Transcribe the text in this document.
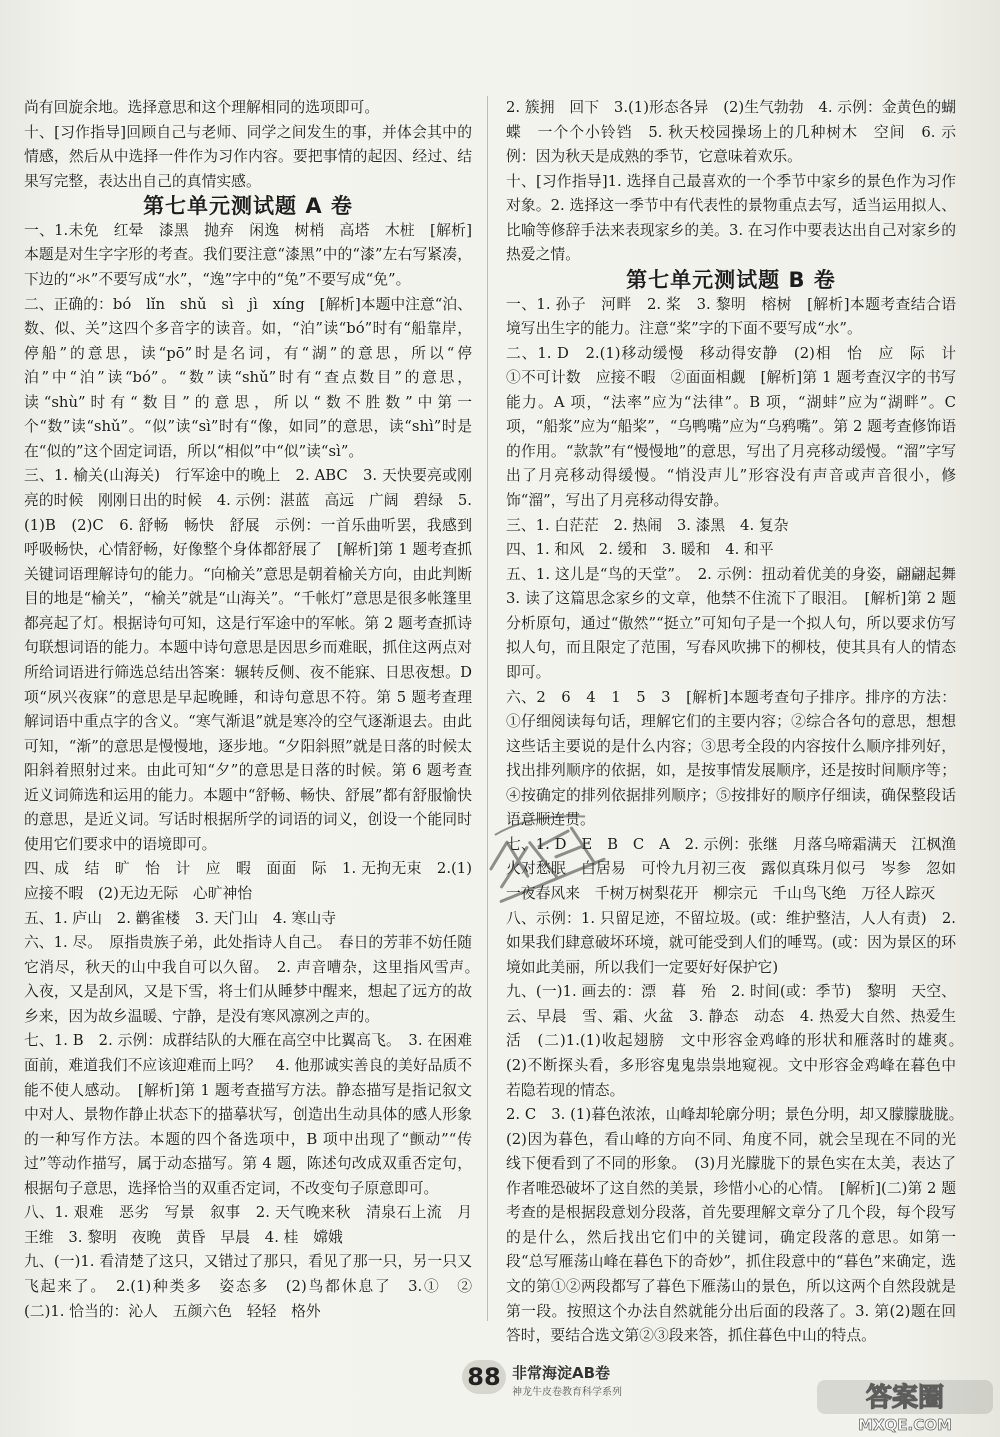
尚有回旋余地。选择意思和这个理解相同的选项即可。

十、[习作指导]回顾自己与老师、同学之间发生的事，并体会其中的情感，然后从中选择一件作为习作内容。要把事情的起因、经过、结果写完整，表达出自己的真情实感。

第七单元测试题 A 卷

一、1.未免　红晕　漆黑　抛弃　闲逸　树梢　高塔　木桩　[解析]本题是对生字字形的考查。我们要注意“漆黑”中的“漆”左右写紧凑，下边的“氺”不要写成“水”，“逸”字中的“兔”不要写成“免”。

二、正确的：bó　lǐn　shǔ　sì　jì　xíng　[解析]本题中注意“泊、数、似、关”这四个多音字的读音。如，“泊”读“bó”时有“船靠岸，停船”的意思，读“pō”时是名词，有“湖”的意思，所以“停泊”中“泊”读“bó”。“数”读“shǔ”时有“查点数目”的意思，读“shù”时有“数目”的意思，所以“数不胜数”中第一个“数”读“shǔ”。“似”读“sì”时有“像，如同”的意思，读“shì”时是在“似的”这个固定词语，所以“相似”中“似”读“sì”。

三、1. 榆关(山海关)　行军途中的晚上　2. ABC　3. 天快要亮或刚亮的时候　刚刚日出的时候　4. 示例：湛蓝　高远　广阔　碧绿　5.(1)B　(2)C　6. 舒畅　畅快　舒展　示例：一首乐曲听罢，我感到呼吸畅快，心情舒畅，好像整个身体都舒展了　[解析]第 1 题考查抓关键词语理解诗句的能力。“向榆关”意思是朝着榆关方向，由此判断目的地是“榆关”，“榆关”就是“山海关”。“千帐灯”意思是很多帐篷里都亮起了灯。根据诗句可知，这是行军途中的军帐。第 2 题考查抓诗句联想词语的能力。本题中诗句意思是因思乡而难眠，抓住这两点对所给词语进行筛选总结出答案：辗转反侧、夜不能寐、日思夜想。D 项“夙兴夜寐”的意思是早起晚睡，和诗句意思不符。第 5 题考查理解词语中重点字的含义。“寒气渐退”就是寒冷的空气逐渐退去。由此可知，“渐”的意思是慢慢地，逐步地。“夕阳斜照”就是日落的时候太阳斜着照射过来。由此可知“夕”的意思是日落的时候。第 6 题考查近义词筛选和运用的能力。本题中“舒畅、畅快、舒展”都有舒服愉快的意思，是近义词。写话时根据所学的词语的词义，创设一个能同时使用它们要求中的语境即可。

四、成　结　旷　怡　计　应　暇　面面　际　1. 无拘无束　2.(1)应接不暇　(2)无边无际　心旷神怡

五、1. 庐山　2. 鹳雀楼　3. 天门山　4. 寒山寺

六、1. 尽。　原指贵族子弟，此处指诗人自己。　春日的芳菲不妨任随它消尽，秋天的山中我自可以久留。　2. 声音嘈杂，这里指风雪声。　入夜，又是刮风，又是下雪，将士们从睡梦中醒来，想起了远方的故乡来，因为故乡温暖、宁静，是没有寒风凛冽之声的。

七、1. B　2. 示例：成群结队的大雁在高空中比翼高飞。　3. 在困难面前，难道我们不应该迎难而上吗？　4. 他那诚实善良的美好品质不能不使人感动。　[解析]第 1 题考查描写方法。静态描写是指记叙文中对人、景物作静止状态下的描摹状写，创造出生动具体的感人形象的一种写作方法。本题的四个备选项中，B 项中出现了“颤动”“传过”等动作描写，属于动态描写。第 4 题，陈述句改成双重否定句，根据句子意思，选择恰当的双重否定词，不改变句子原意即可。

八、1. 艰难　恶劣　写景　叙事　2. 天气晚来秋　清泉石上流　月　王维　3. 黎明　夜晚　黄昏　早晨　4. 桂　嫦娥

九、(一)1. 看清楚了这只，又错过了那只，看见了那一只，另一只又飞起来了。　2.(1)种类多　姿态多　(2)鸟都休息了　3.①　②　(二)1. 恰当的：沁人　五颜六色　轻轻　格外

2. 簇拥　回下　3.(1)形态各异　(2)生气勃勃　4. 示例：金黄色的蝴蝶　一个个小铃铛　5. 秋天校园操场上的几种树木　空间　6. 示例：因为秋天是成熟的季节，它意味着欢乐。

十、[习作指导]1. 选择自己最喜欢的一个季节中家乡的景色作为习作对象。2. 选择这一季节中有代表性的景物重点去写，适当运用拟人、比喻等修辞手法来表现家乡的美。3. 在习作中要表达出自己对家乡的热爱之情。

第七单元测试题 B 卷

一、1. 孙子　河畔　2. 桨　3. 黎明　榕树　[解析]本题考查结合语境写出生字的能力。注意“桨”字的下面不要写成“水”。

二、1. D　2.(1)移动缓慢　移动得安静　(2)相　怡　应　际　计　①不可计数　应接不暇　②面面相觑　[解析]第 1 题考查汉字的书写能力。A 项，“法率”应为“法律”。B 项，“湖蚌”应为“湖畔”。C 项，“船浆”应为“船桨”，“乌鸭嘴”应为“乌鸦嘴”。第 2 题考查修饰语的作用。“款款”有“慢慢地”的意思，写出了月亮移动缓慢。“溜”字写出了月亮移动得缓慢。“悄没声儿”形容没有声音或声音很小，修饰“溜”，写出了月亮移动得安静。

三、1. 白茫茫　2. 热闹　3. 漆黑　4. 复杂

四、1. 和风　2. 缓和　3. 暖和　4. 和平

五、1. 这儿是“鸟的天堂”。　2. 示例：扭动着优美的身姿，翩翩起舞　3. 读了这篇思念家乡的文章，他禁不住流下了眼泪。　[解析]第 2 题分析原句，通过“傲然”“挺立”可知句子是一个拟人句，所以要求仿写拟人句，而且限定了范围，写春风吹拂下的柳枝，使其具有人的情态即可。

六、2　6　4　1　5　3　[解析]本题考查句子排序。排序的方法：①仔细阅读每句话，理解它们的主要内容；②综合各句的意思，想想这些话主要说的是什么内容；③思考全段的内容按什么顺序排列好，找出排列顺序的依据，如，是按事情发展顺序，还是按时间顺序等；④按确定的排列依据排列顺序；⑤按排好的顺序仔细读，确保整段话语意顺连贯。

七、1. D　E　B　C　A　2. 示例：张继　月落乌啼霜满天　江枫渔火对愁眠　白居易　可怜九月初三夜　露似真珠月似弓　岑参　忽如一夜春风来　千树万树梨花开　柳宗元　千山鸟飞绝　万径人踪灭

八、示例：1. 只留足迹，不留垃圾。(或：维护整洁，人人有责)　2. 如果我们肆意破坏环境，就可能受到人们的唾骂。(或：因为景区的环境如此美丽，所以我们一定要好好保护它)

九、(一)1. 画去的：漂　暮　殆　2. 时间(或：季节)　黎明　天空、云、早晨　雪、霜、火盆　3. 静态　动态　4. 热爱大自然、热爱生活　(二)1.(1)收起翅膀　文中形容金鸡峰的形状和雁落时的雄爽。　(2)不断探头看，多形容鬼鬼祟祟地窥视。文中形容金鸡峰在暮色中若隐若现的情态。

2. C　3. (1)暮色浓浓，山峰却轮廓分明；景色分明，却又朦朦胧胧。　(2)因为暮色，看山峰的方向不同、角度不同，就会呈现在不同的光线下便看到了不同的形象。　(3)月光朦胧下的景色实在太美，表达了作者唯恐破坏了这自然的美景，珍惜小心的心情。　[解析](二)第 2 题考查的是根据段意划分段落，首先要理解文章分了几个段，每个段写的是什么，然后找出它们中的关键词，确定段落的意思。如第一段“总写雁荡山峰在暮色下的奇妙”，抓住段意中的“暮色”来确定，选文的第①②两段都写了暮色下雁荡山的景色，所以这两个自然段就是第一段。按照这个办法自然就能分出后面的段落了。3. 第(2)题在回答时，要结合选文第②③段来答，抓住暮色中山的特点。

88 非常海淀AB卷
神龙牛皮卷教育科学系列	答案圈
MXQE.COM
